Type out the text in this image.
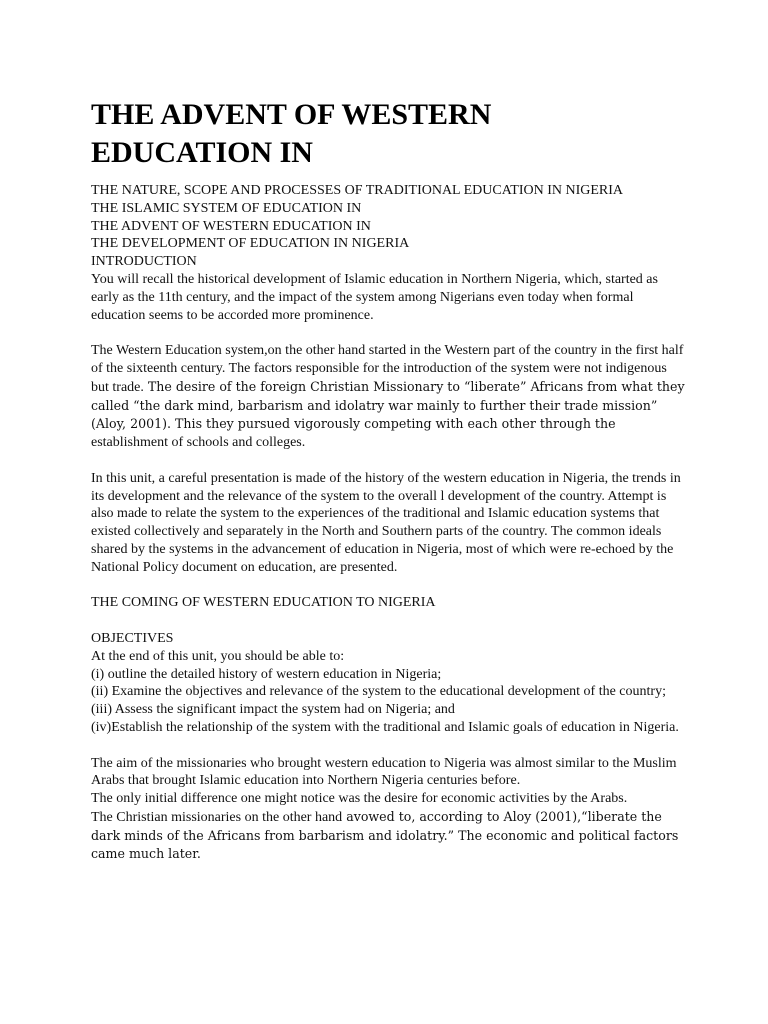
THE ADVENT OF WESTERN
EDUCATION IN

THE NATURE, SCOPE AND PROCESSES OF TRADITIONAL EDUCATION IN NIGERIA

THE ISLAMIC SYSTEM OF EDUCATION IN

THE ADVENT OF WESTERN EDUCATION IN

THE DEVELOPMENT OF EDUCATION IN NIGERIA

INTRODUCTION

You will recall the historical development of Islamic education in Northern Nigeria, which, started as early as the 11th century, and the impact of the system among Nigerians even today when formal education seems to be accorded more prominence.

The Western Education system,on the other hand started in the Western part of the country in the first half of the sixteenth century. The factors responsible for the introduction of the system were not indigenous but trade. The desire of the foreign Christian Missionary to “liberate” Africans from what they called “the dark mind, barbarism and idolatry war mainly to further their trade mission” (Aloy, 2001). This they pursued vigorously competing with each other through the establishment of schools and colleges.

In this unit, a careful presentation is made of the history of the western education in Nigeria, the trends in its development and the relevance of the system to the overall l development of the country. Attempt is also made to relate the system to the experiences of the traditional and Islamic education systems that existed collectively and separately in the North and Southern parts of the country. The common ideals shared by the systems in the advancement of education in Nigeria, most of which were re-echoed by the National Policy document on education, are presented.

THE COMING OF WESTERN EDUCATION TO NIGERIA

OBJECTIVES

At the end of this unit, you should be able to:

(i) outline the detailed history of western education in Nigeria;

(ii) Examine the objectives and relevance of the system to the educational development of the country;

(iii) Assess the significant impact the system had on Nigeria; and

(iv)Establish the relationship of the system with the traditional and Islamic goals of education in Nigeria.

The aim of the missionaries who brought western education to Nigeria was almost similar to the Muslim Arabs that brought Islamic education into Northern Nigeria centuries before.

The only initial difference one might notice was the desire for economic activities by the Arabs.

The Christian missionaries on the other hand avowed to, according to Aloy (2001),“liberate the dark minds of the Africans from barbarism and idolatry.” The economic and political factors came much later.
